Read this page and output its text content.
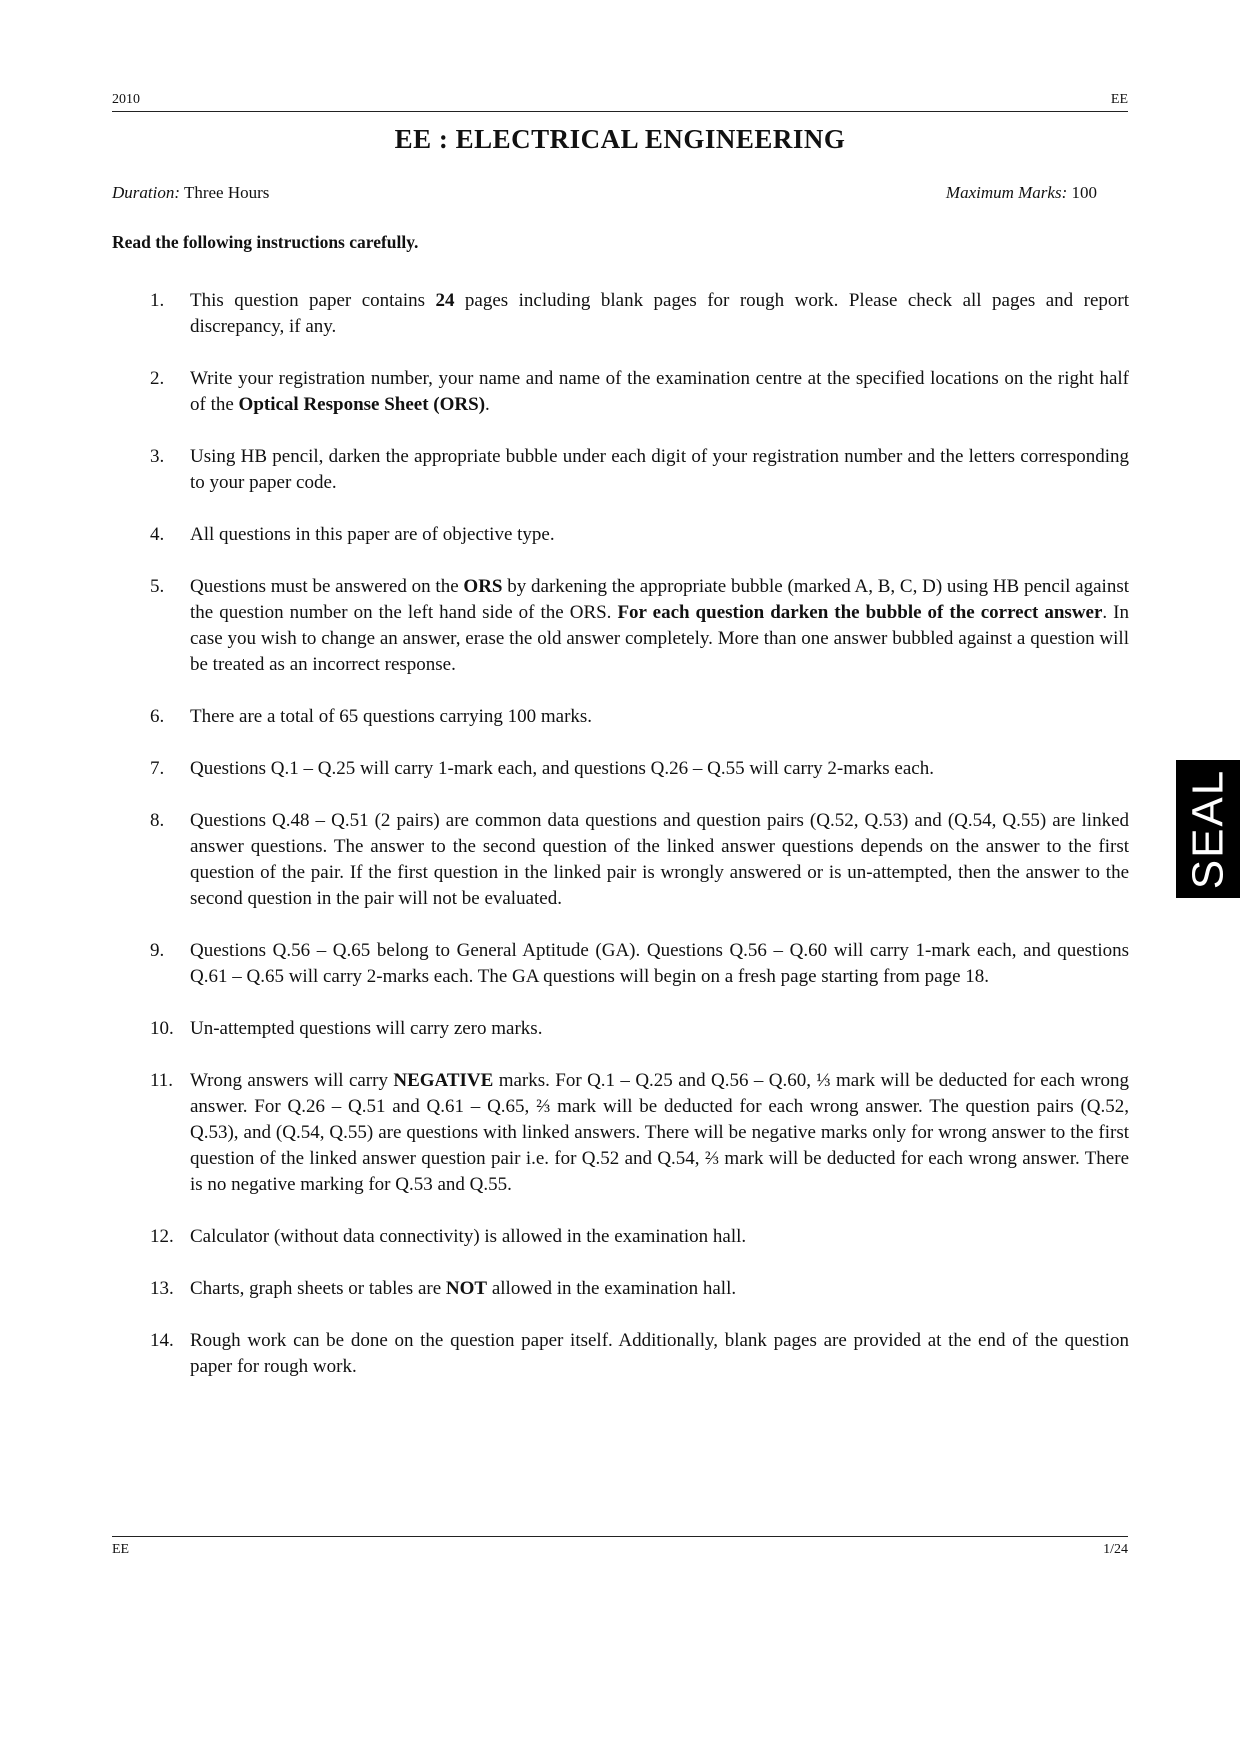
2010	EE
EE : ELECTRICAL ENGINEERING
Duration: Three Hours	Maximum Marks: 100
Read the following instructions carefully.
1. This question paper contains 24 pages including blank pages for rough work. Please check all pages and report discrepancy, if any.

2. Write your registration number, your name and name of the examination centre at the specified locations on the right half of the Optical Response Sheet (ORS).

3. Using HB pencil, darken the appropriate bubble under each digit of your registration number and the letters corresponding to your paper code.

4. All questions in this paper are of objective type.

5. Questions must be answered on the ORS by darkening the appropriate bubble (marked A, B, C, D) using HB pencil against the question number on the left hand side of the ORS. For each question darken the bubble of the correct answer. In case you wish to change an answer, erase the old answer completely. More than one answer bubbled against a question will be treated as an incorrect response.

6. There are a total of 65 questions carrying 100 marks.

7. Questions Q.1 – Q.25 will carry 1-mark each, and questions Q.26 – Q.55 will carry 2-marks each.

8. Questions Q.48 – Q.51 (2 pairs) are common data questions and question pairs (Q.52, Q.53) and (Q.54, Q.55) are linked answer questions. The answer to the second question of the linked answer questions depends on the answer to the first question of the pair. If the first question in the linked pair is wrongly answered or is un-attempted, then the answer to the second question in the pair will not be evaluated.

9. Questions Q.56 – Q.65 belong to General Aptitude (GA). Questions Q.56 – Q.60 will carry 1-mark each, and questions Q.61 – Q.65 will carry 2-marks each. The GA questions will begin on a fresh page starting from page 18.

10. Un-attempted questions will carry zero marks.

11. Wrong answers will carry NEGATIVE marks. For Q.1 – Q.25 and Q.56 – Q.60, ⅓ mark will be deducted for each wrong answer. For Q.26 – Q.51 and Q.61 – Q.65, ⅔ mark will be deducted for each wrong answer. The question pairs (Q.52, Q.53), and (Q.54, Q.55) are questions with linked answers. There will be negative marks only for wrong answer to the first question of the linked answer question pair i.e. for Q.52 and Q.54, ⅔ mark will be deducted for each wrong answer. There is no negative marking for Q.53 and Q.55.

12. Calculator (without data connectivity) is allowed in the examination hall.

13. Charts, graph sheets or tables are NOT allowed in the examination hall.

14. Rough work can be done on the question paper itself. Additionally, blank pages are provided at the end of the question paper for rough work.

EE	1/24
SEAL
